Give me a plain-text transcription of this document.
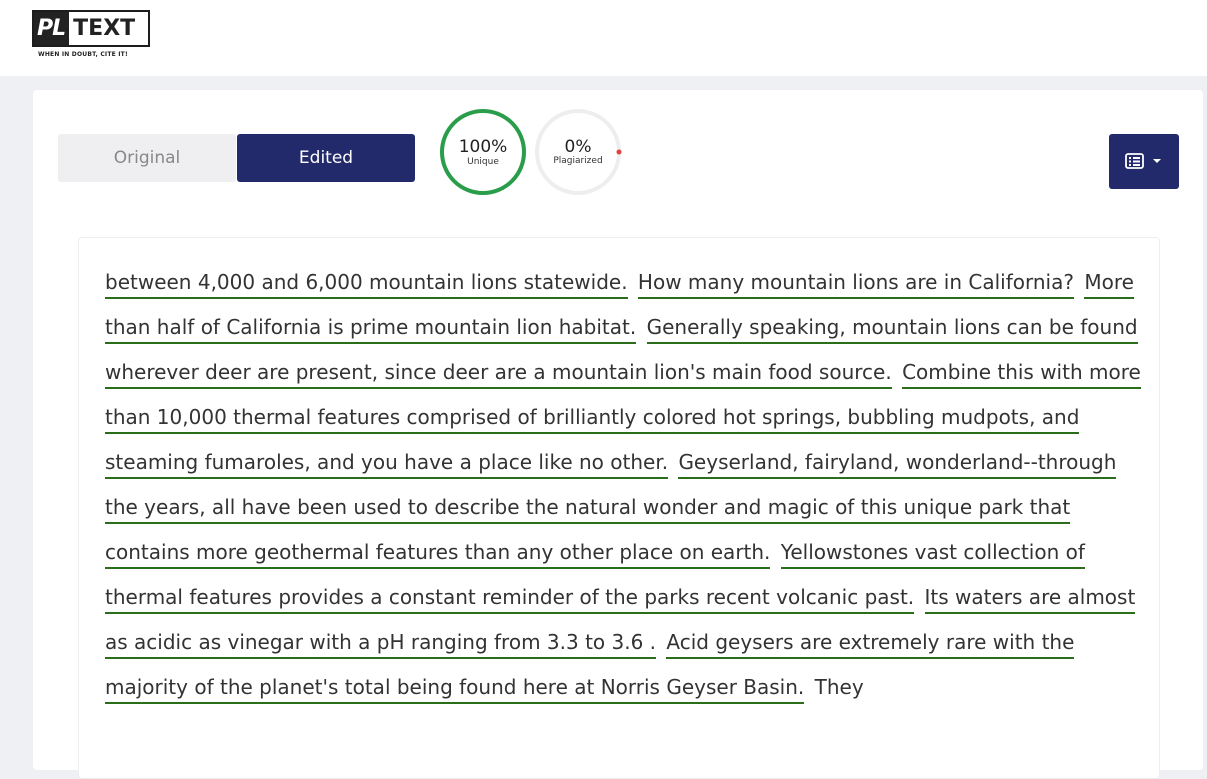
PL TEXT
WHEN IN DOUBT, CITE IT!
Original	Edited
100%
Unique
0%
Plagiarized
between 4,000 and 6,000 mountain lions statewide. How many mountain lions are in California? More than half of California is prime mountain lion habitat. Generally speaking, mountain lions can be found wherever deer are present, since deer are a mountain lion's main food source. Combine this with more than 10,000 thermal features comprised of brilliantly colored hot springs, bubbling mudpots, and steaming fumaroles, and you have a place like no other. Geyserland, fairyland, wonderland--through the years, all have been used to describe the natural wonder and magic of this unique park that contains more geothermal features than any other place on earth. Yellowstones vast collection of thermal features provides a constant reminder of the parks recent volcanic past. Its waters are almost as acidic as vinegar with a pH ranging from 3.3 to 3.6 . Acid geysers are extremely rare with the majority of the planet's total being found here at Norris Geyser Basin. They
